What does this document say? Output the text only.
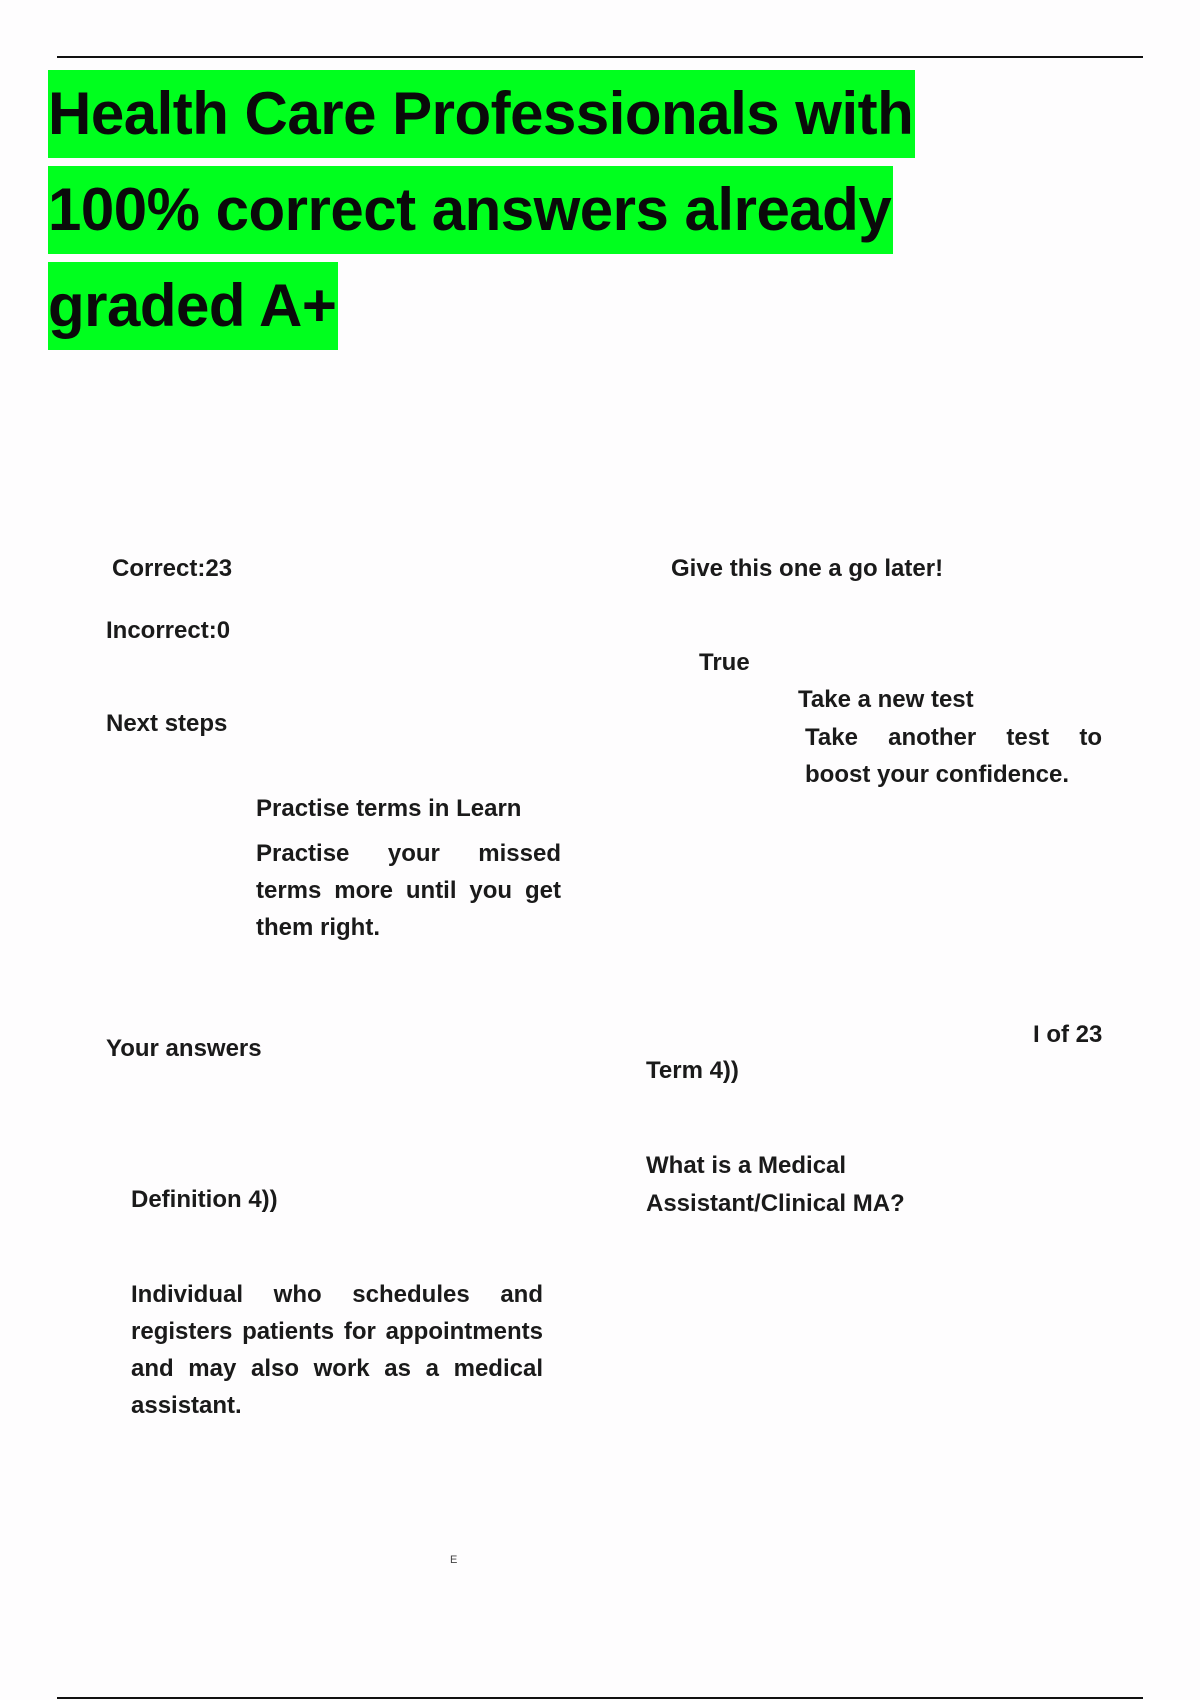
Health Care Professionals with
100% correct answers already
graded A+

Correct:23

Incorrect:0

Next steps

Practise terms in Learn

Practise your missed terms more until you get them right.

Your answers

Definition 4))

Individual who schedules and registers patients for appointments and may also work as a medical assistant.

Give this one a go later!

True

Take a new test

Take another test to boost your confidence.

I of 23

Term 4))

What is a Medical Assistant/Clinical MA?

E
